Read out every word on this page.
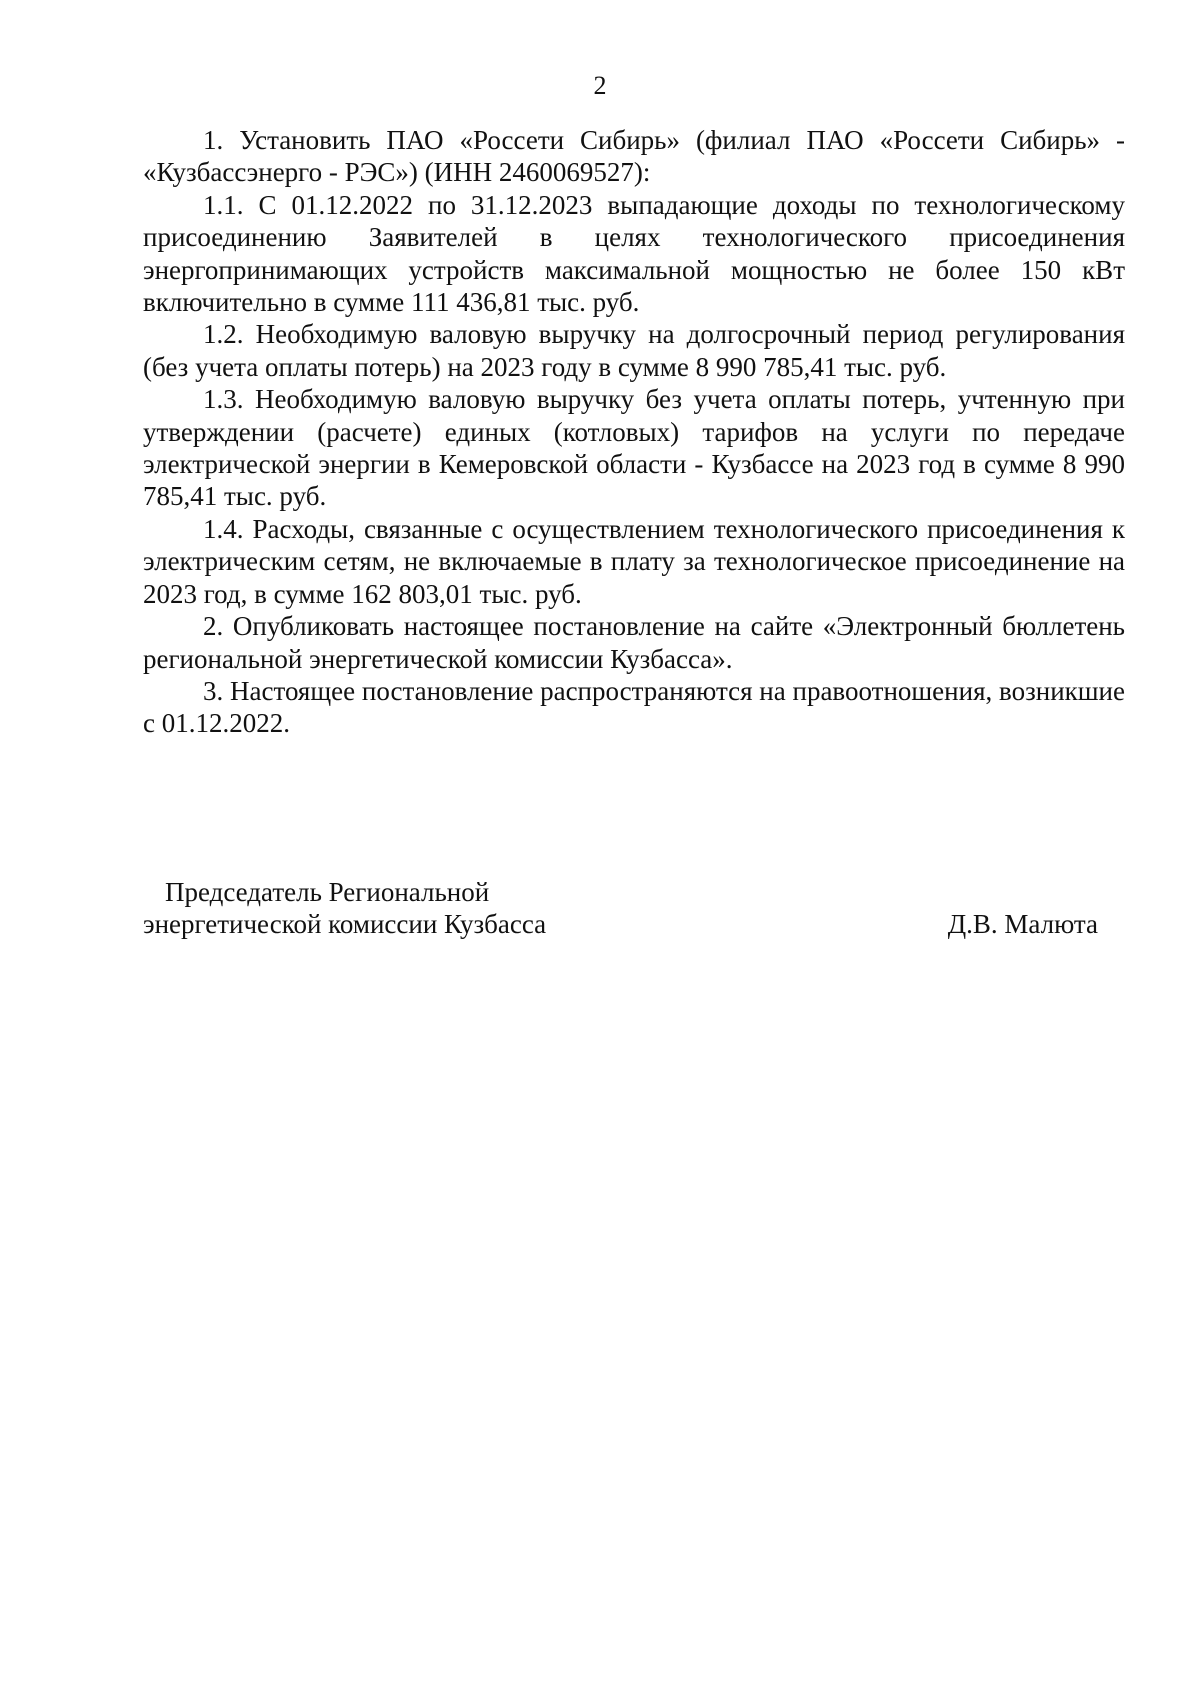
2

1. Установить ПАО «Россети Сибирь» (филиал ПАО «Россети Сибирь» - «Кузбассэнерго - РЭС») (ИНН 2460069527):

1.1. С 01.12.2022 по 31.12.2023 выпадающие доходы по технологическому присоединению Заявителей в целях технологического присоединения энергопринимающих устройств максимальной мощностью не более 150 кВт включительно в сумме 111 436,81 тыс. руб.

1.2. Необходимую валовую выручку на долгосрочный период регулирования (без учета оплаты потерь) на 2023 году в сумме 8 990 785,41 тыс. руб.

1.3. Необходимую валовую выручку без учета оплаты потерь, учтенную при утверждении (расчете) единых (котловых) тарифов на услуги по передаче электрической энергии в Кемеровской области - Кузбассе на 2023 год в сумме 8 990 785,41 тыс. руб.

1.4. Расходы, связанные с осуществлением технологического присоединения к электрическим сетям, не включаемые в плату за технологическое присоединение на 2023 год, в сумме 162 803,01 тыс. руб.

2. Опубликовать настоящее постановление на сайте «Электронный бюллетень региональной энергетической комиссии Кузбасса».

3. Настоящее постановление распространяются на правоотношения, возникшие с 01.12.2022.

Председатель Региональной
энергетической комиссии Кузбасса	Д.В. Малюта
